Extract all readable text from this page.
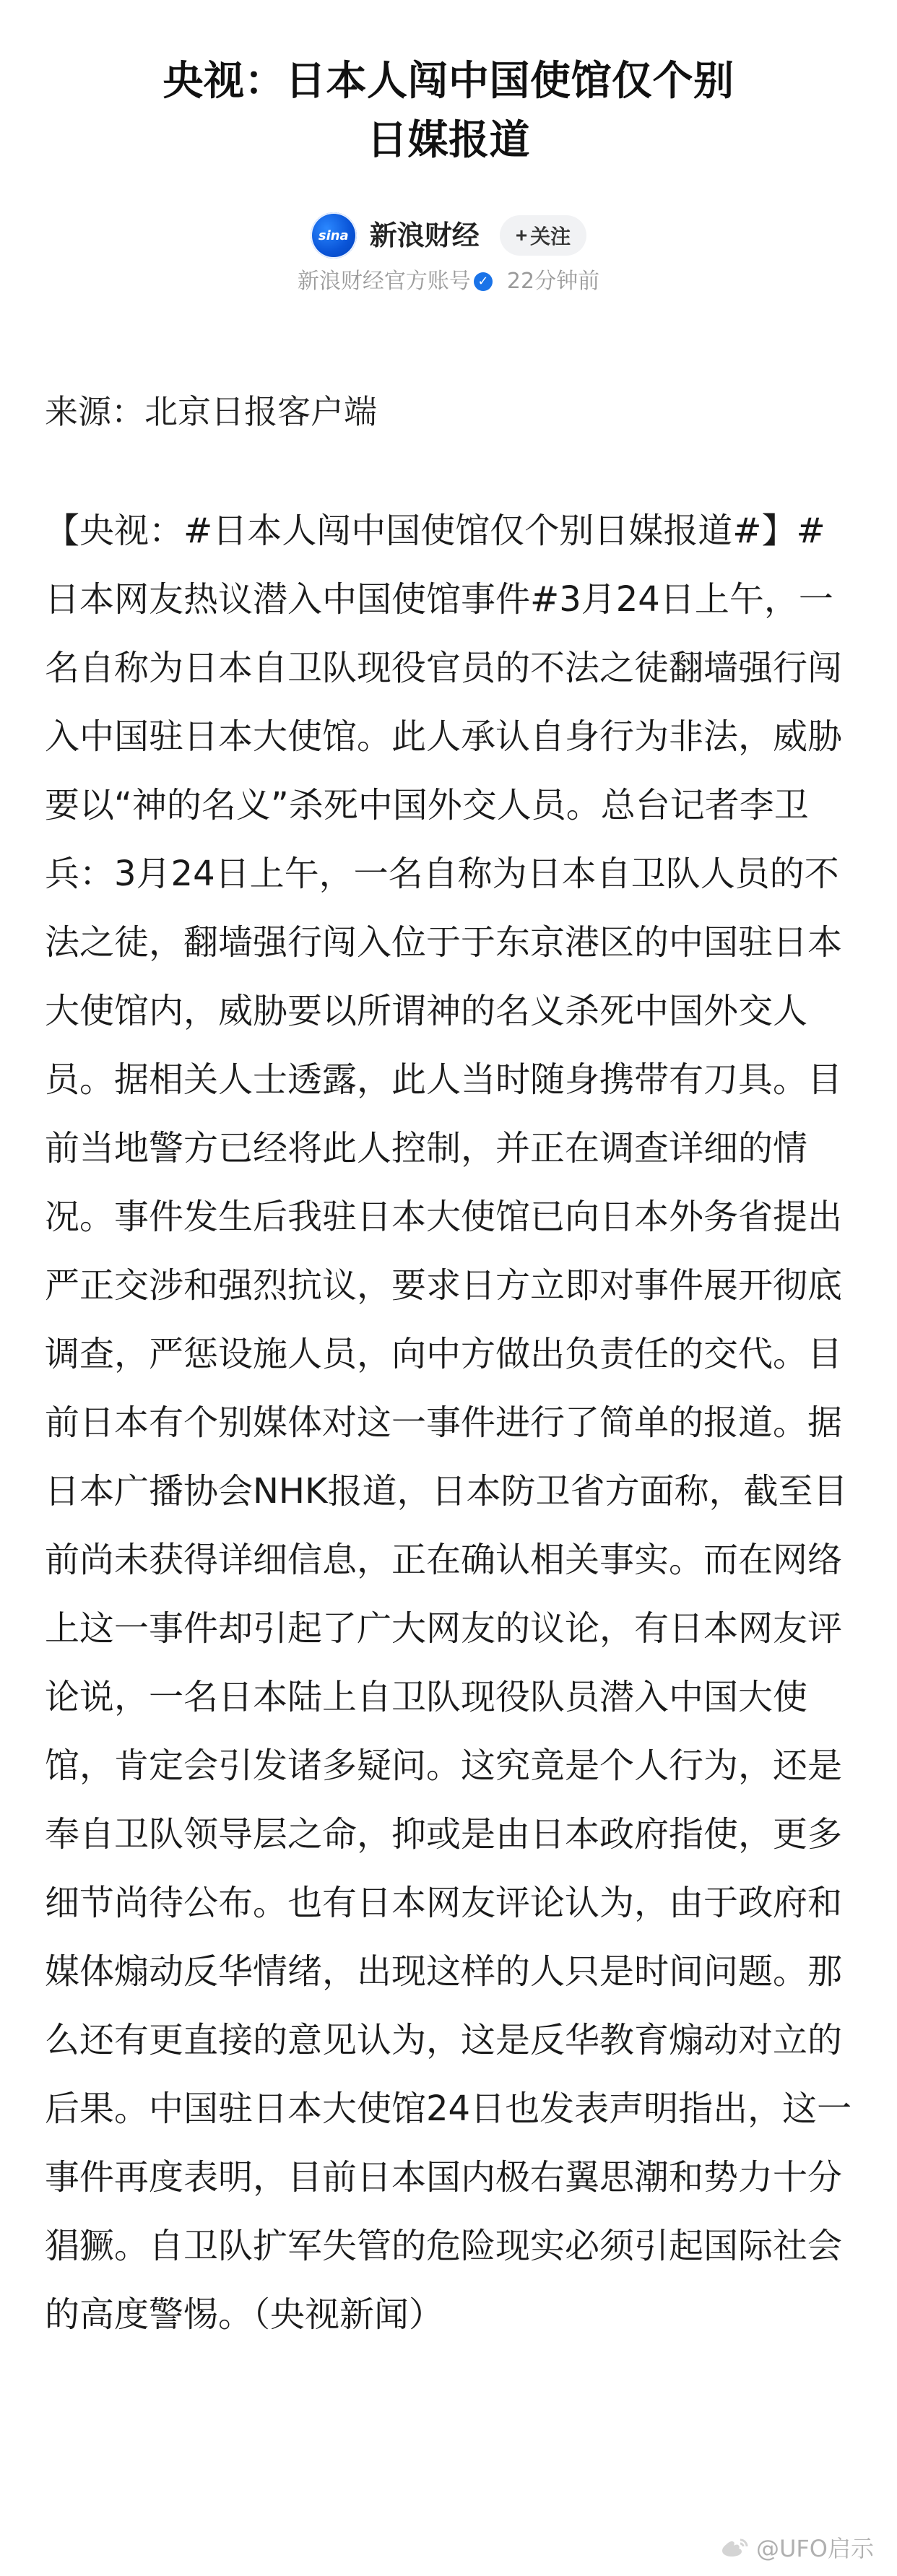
央视：日本人闯中国使馆仅个别
日媒报道
sina 新浪财经 + 关注
新浪财经官方账号 ✓ 22分钟前
来源：北京日报客户端
【央视：#日本人闯中国使馆仅个别日媒报道#】#日本网友热议潜入中国使馆事件#3月24日上午，一名自称为日本自卫队现役官员的不法之徒翻墙强行闯入中国驻日本大使馆。此人承认自身行为非法，威胁要以“神的名义”杀死中国外交人员。总台记者李卫兵：3月24日上午，一名自称为日本自卫队人员的不法之徒，翻墙强行闯入位于于东京港区的中国驻日本大使馆内，威胁要以所谓神的名义杀死中国外交人员。据相关人士透露，此人当时随身携带有刀具。目前当地警方已经将此人控制，并正在调查详细的情况。事件发生后我驻日本大使馆已向日本外务省提出严正交涉和强烈抗议，要求日方立即对事件展开彻底调查，严惩设施人员，向中方做出负责任的交代。目前日本有个别媒体对这一事件进行了简单的报道。据日本广播协会NHK报道，日本防卫省方面称，截至目前尚未获得详细信息，正在确认相关事实。而在网络上这一事件却引起了广大网友的议论，有日本网友评论说，一名日本陆上自卫队现役队员潜入中国大使馆，肯定会引发诸多疑问。这究竟是个人行为，还是奉自卫队领导层之命，抑或是由日本政府指使，更多细节尚待公布。也有日本网友评论认为，由于政府和媒体煽动反华情绪，出现这样的人只是时间问题。那么还有更直接的意见认为，这是反华教育煽动对立的后果。中国驻日本大使馆24日也发表声明指出，这一事件再度表明，目前日本国内极右翼思潮和势力十分猖獗。自卫队扩军失管的危险现实必须引起国际社会的高度警惕。（央视新闻）
@UFO启示
